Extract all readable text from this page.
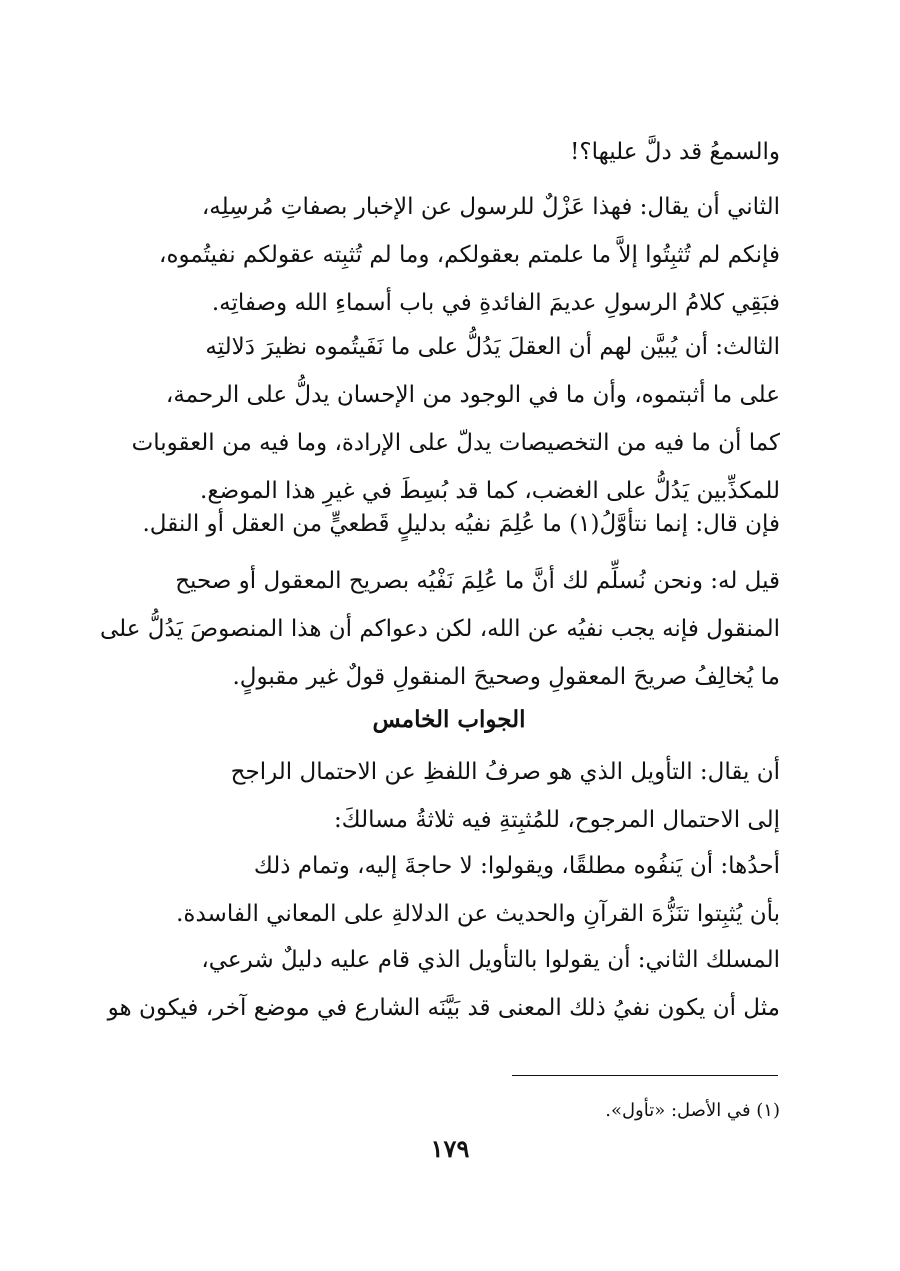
والسمعُ قد دلَّ عليها؟!
الثاني أن يقال: فهذا عَزْلٌ للرسول عن الإخبار بصفاتِ مُرسِلِه،
فإنكم لم تُثبِتُوا إلاَّ ما علمتم بعقولكم، وما لم تُثبِته عقولكم نفيتُموه،
فبَقِي كلامُ الرسولِ عديمَ الفائدةِ في باب أسماءِ الله وصفاتِه.
الثالث: أن يُبيَّن لهم أن العقلَ يَدُلُّ على ما نَفَيتُموه نظيرَ دَلالتِه
على ما أثبتموه، وأن ما في الوجود من الإحسان يدلُّ على الرحمة،
كما أن ما فيه من التخصيصات يدلّ على الإرادة، وما فيه من العقوبات
للمكذِّبين يَدُلُّ على الغضب، كما قد بُسِطَ في غيرِ هذا الموضع.
فإن قال: إنما نتأوَّلُ(١) ما عُلِمَ نفيُه بدليلٍ قَطعيٍّ من العقل أو النقل.
قيل له: ونحن نُسلِّم لك أنَّ ما عُلِمَ نَفْيُه بصريح المعقول أو صحيح
المنقول فإنه يجب نفيُه عن الله، لكن دعواكم أن هذا المنصوصَ يَدُلُّ على
ما يُخالِفُ صريحَ المعقولِ وصحيحَ المنقولِ قولٌ غير مقبولٍ.
الجواب الخامس
أن يقال: التأويل الذي هو صرفُ اللفظِ عن الاحتمال الراجح
إلى الاحتمال المرجوح، للمُثبِتةِ فيه ثلاثةُ مسالكَ:
أحدُها: أن يَنفُوه مطلقًا، ويقولوا: لا حاجةَ إليه، وتمام ذلك
بأن يُثبِتوا تنَزُّهَ القرآنِ والحديث عن الدلالةِ على المعاني الفاسدة.
المسلك الثاني: أن يقولوا بالتأويل الذي قام عليه دليلٌ شرعي،
مثل أن يكون نفيُ ذلك المعنى قد بَيَّنَه الشارع في موضع آخر، فيكون هو
(١) في الأصل: «تأول».
١٧٩
